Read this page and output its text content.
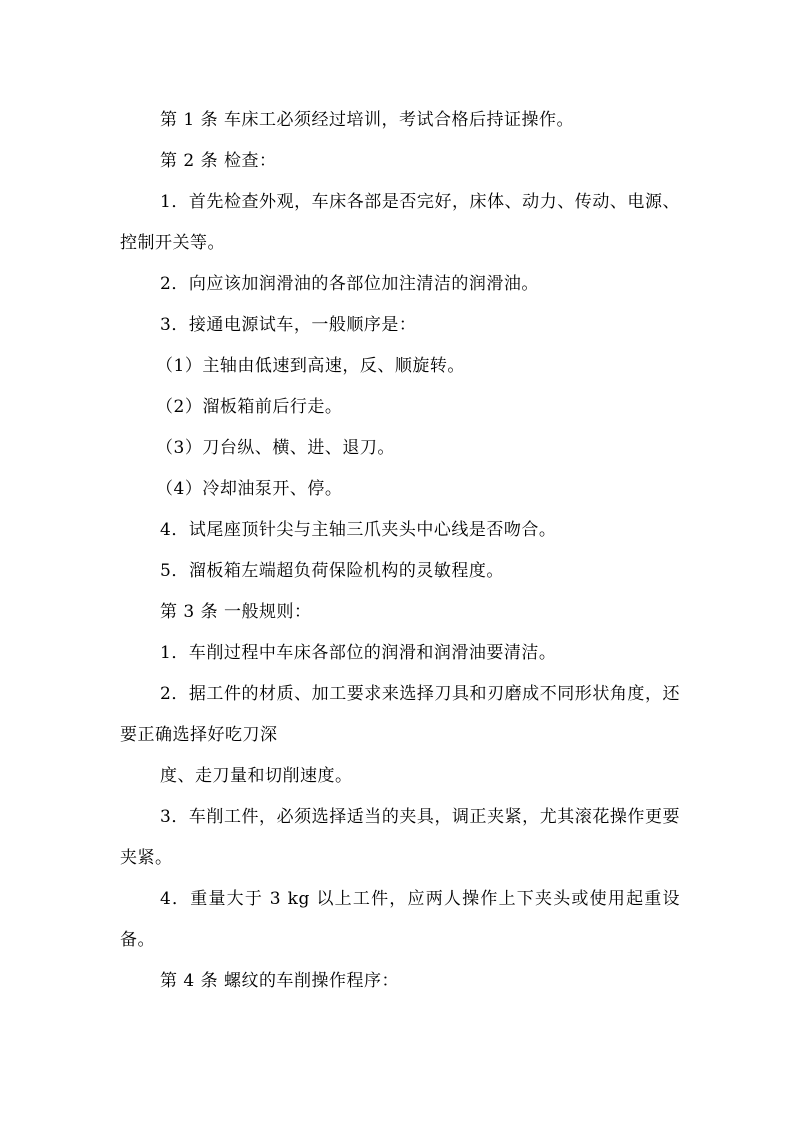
第 1 条 车床工必须经过培训，考试合格后持证操作。

第 2 条 检查：

1．首先检查外观，车床各部是否完好，床体、动力、传动、电源、控制开关等。

2．向应该加润滑油的各部位加注清洁的润滑油。

3．接通电源试车，一般顺序是：

（1）主轴由低速到高速，反、顺旋转。

（2）溜板箱前后行走。

（3）刀台纵、横、进、退刀。

（4）冷却油泵开、停。

4．试尾座顶针尖与主轴三爪夹头中心线是否吻合。

5．溜板箱左端超负荷保险机构的灵敏程度。

第 3 条 一般规则：

1．车削过程中车床各部位的润滑和润滑油要清洁。

2．据工件的材质、加工要求来选择刀具和刃磨成不同形状角度，还要正确选择好吃刀深

度、走刀量和切削速度。

3．车削工件，必须选择适当的夹具，调正夹紧，尤其滚花操作更要夹紧。

4．重量大于 3 kg 以上工件，应两人操作上下夹头或使用起重设备。

第 4 条 螺纹的车削操作程序：
